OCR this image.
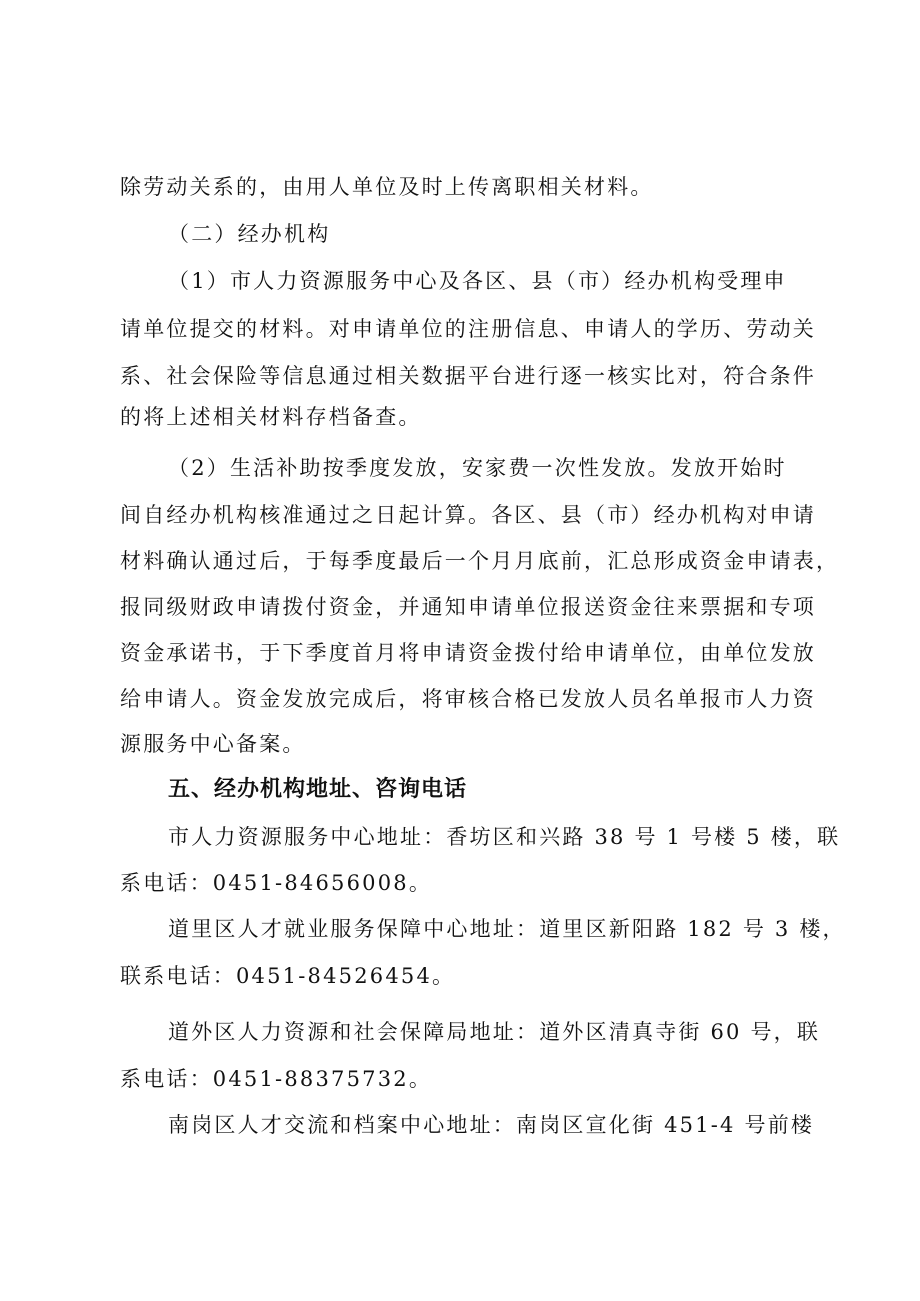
除劳动关系的，由用人单位及时上传离职相关材料。

（二）经办机构

（1）市人力资源服务中心及各区、县（市）经办机构受理申

请单位提交的材料。对申请单位的注册信息、申请人的学历、劳动关

系、社会保险等信息通过相关数据平台进行逐一核实比对，符合条件

的将上述相关材料存档备查。

（2）生活补助按季度发放，安家费一次性发放。发放开始时

间自经办机构核准通过之日起计算。各区、县（市）经办机构对申请

材料确认通过后，于每季度最后一个月月底前，汇总形成资金申请表，

报同级财政申请拨付资金，并通知申请单位报送资金往来票据和专项

资金承诺书，于下季度首月将申请资金拨付给申请单位，由单位发放

给申请人。资金发放完成后，将审核合格已发放人员名单报市人力资

源服务中心备案。

五、经办机构地址、咨询电话

市人力资源服务中心地址：香坊区和兴路 38 号 1 号楼 5 楼，联

系电话：0451-84656008。

道里区人才就业服务保障中心地址：道里区新阳路 182 号 3 楼，

联系电话：0451-84526454。

道外区人力资源和社会保障局地址：道外区清真寺街 60 号，联

系电话：0451-88375732。

南岗区人才交流和档案中心地址：南岗区宣化街 451-4 号前楼
